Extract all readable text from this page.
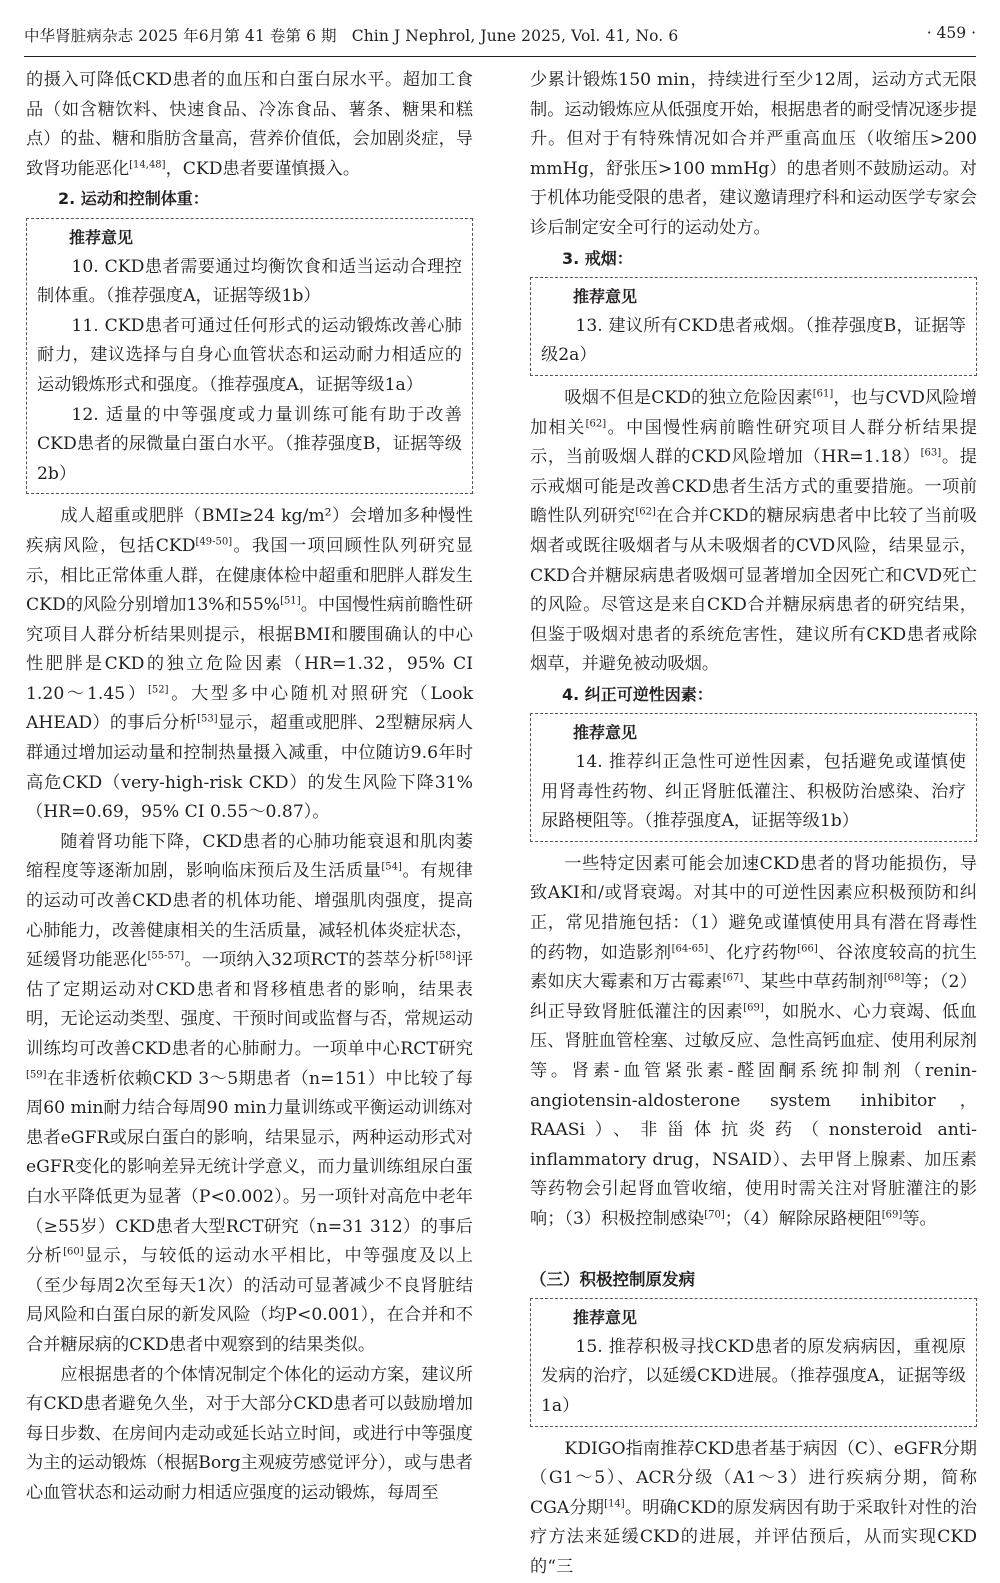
中华肾脏病杂志 2025 年6月第 41 卷第 6 期 Chin J Nephrol, June 2025, Vol. 41, No. 6	· 459 ·

的摄入可降低CKD患者的血压和白蛋白尿水平。超加工食品（如含糖饮料、快速食品、冷冻食品、薯条、糖果和糕点）的盐、糖和脂肪含量高，营养价值低，会加剧炎症，导致肾功能恶化[14,48]，CKD患者要谨慎摄入。

2. 运动和控制体重：

推荐意见

10. CKD患者需要通过均衡饮食和适当运动合理控制体重。（推荐强度A，证据等级1b）

11. CKD患者可通过任何形式的运动锻炼改善心肺耐力，建议选择与自身心血管状态和运动耐力相适应的运动锻炼形式和强度。（推荐强度A，证据等级1a）

12. 适量的中等强度或力量训练可能有助于改善CKD患者的尿微量白蛋白水平。（推荐强度B，证据等级2b）

成人超重或肥胖（BMI≥24 kg/m²）会增加多种慢性疾病风险，包括CKD[49-50]。我国一项回顾性队列研究显示，相比正常体重人群，在健康体检中超重和肥胖人群发生CKD的风险分别增加13%和55%[51]。中国慢性病前瞻性研究项目人群分析结果则提示，根据BMI和腰围确认的中心性肥胖是CKD的独立危险因素（HR=1.32，95% CI 1.20～1.45）[52]。大型多中心随机对照研究（Look AHEAD）的事后分析[53]显示，超重或肥胖、2型糖尿病人群通过增加运动量和控制热量摄入减重，中位随访9.6年时高危CKD（very-high-risk CKD）的发生风险下降31%（HR=0.69，95% CI 0.55～0.87）。

随着肾功能下降，CKD患者的心肺功能衰退和肌肉萎缩程度等逐渐加剧，影响临床预后及生活质量[54]。有规律的运动可改善CKD患者的机体功能、增强肌肉强度，提高心肺能力，改善健康相关的生活质量，减轻机体炎症状态，延缓肾功能恶化[55-57]。一项纳入32项RCT的荟萃分析[58]评估了定期运动对CKD患者和肾移植患者的影响，结果表明，无论运动类型、强度、干预时间或监督与否，常规运动训练均可改善CKD患者的心肺耐力。一项单中心RCT研究[59]在非透析依赖CKD 3～5期患者（n=151）中比较了每周60 min耐力结合每周90 min力量训练或平衡运动训练对患者eGFR或尿白蛋白的影响，结果显示，两种运动形式对eGFR变化的影响差异无统计学意义，而力量训练组尿白蛋白水平降低更为显著（P<0.002）。另一项针对高危中老年（≥55岁）CKD患者大型RCT研究（n=31 312）的事后分析[60]显示，与较低的运动水平相比，中等强度及以上（至少每周2次至每天1次）的活动可显著减少不良肾脏结局风险和白蛋白尿的新发风险（均P<0.001），在合并和不合并糖尿病的CKD患者中观察到的结果类似。

应根据患者的个体情况制定个体化的运动方案，建议所有CKD患者避免久坐，对于大部分CKD患者可以鼓励增加每日步数、在房间内走动或延长站立时间，或进行中等强度为主的运动锻炼（根据Borg主观疲劳感觉评分），或与患者心血管状态和运动耐力相适应强度的运动锻炼，每周至

少累计锻炼150 min，持续进行至少12周，运动方式无限制。运动锻炼应从低强度开始，根据患者的耐受情况逐步提升。但对于有特殊情况如合并严重高血压（收缩压>200 mmHg，舒张压>100 mmHg）的患者则不鼓励运动。对于机体功能受限的患者，建议邀请理疗科和运动医学专家会诊后制定安全可行的运动处方。

3. 戒烟：

推荐意见

13. 建议所有CKD患者戒烟。（推荐强度B，证据等级2a）

吸烟不但是CKD的独立危险因素[61]，也与CVD风险增加相关[62]。中国慢性病前瞻性研究项目人群分析结果提示，当前吸烟人群的CKD风险增加（HR=1.18）[63]。提示戒烟可能是改善CKD患者生活方式的重要措施。一项前瞻性队列研究[62]在合并CKD的糖尿病患者中比较了当前吸烟者或既往吸烟者与从未吸烟者的CVD风险，结果显示，CKD合并糖尿病患者吸烟可显著增加全因死亡和CVD死亡的风险。尽管这是来自CKD合并糖尿病患者的研究结果，但鉴于吸烟对患者的系统危害性，建议所有CKD患者戒除烟草，并避免被动吸烟。

4. 纠正可逆性因素：

推荐意见

14. 推荐纠正急性可逆性因素，包括避免或谨慎使用肾毒性药物、纠正肾脏低灌注、积极防治感染、治疗尿路梗阻等。（推荐强度A，证据等级1b）

一些特定因素可能会加速CKD患者的肾功能损伤，导致AKI和/或肾衰竭。对其中的可逆性因素应积极预防和纠正，常见措施包括：（1）避免或谨慎使用具有潜在肾毒性的药物，如造影剂[64-65]、化疗药物[66]、谷浓度较高的抗生素如庆大霉素和万古霉素[67]、某些中草药制剂[68]等；（2）纠正导致肾脏低灌注的因素[69]，如脱水、心力衰竭、低血压、肾脏血管栓塞、过敏反应、急性高钙血症、使用利尿剂等。肾素-血管紧张素-醛固酮系统抑制剂（renin-angiotensin-aldosterone system inhibitor，RAASi）、非甾体抗炎药（nonsteroid anti-inflammatory drug，NSAID）、去甲肾上腺素、加压素等药物会引起肾血管收缩，使用时需关注对肾脏灌注的影响；（3）积极控制感染[70]；（4）解除尿路梗阻[69]等。

（三）积极控制原发病

推荐意见

15. 推荐积极寻找CKD患者的原发病病因，重视原发病的治疗，以延缓CKD进展。（推荐强度A，证据等级1a）

KDIGO指南推荐CKD患者基于病因（C）、eGFR分期（G1～5）、ACR分级（A1～3）进行疾病分期，简称CGA分期[14]。明确CKD的原发病因有助于采取针对性的治疗方法来延缓CKD的进展，并评估预后，从而实现CKD的“三
